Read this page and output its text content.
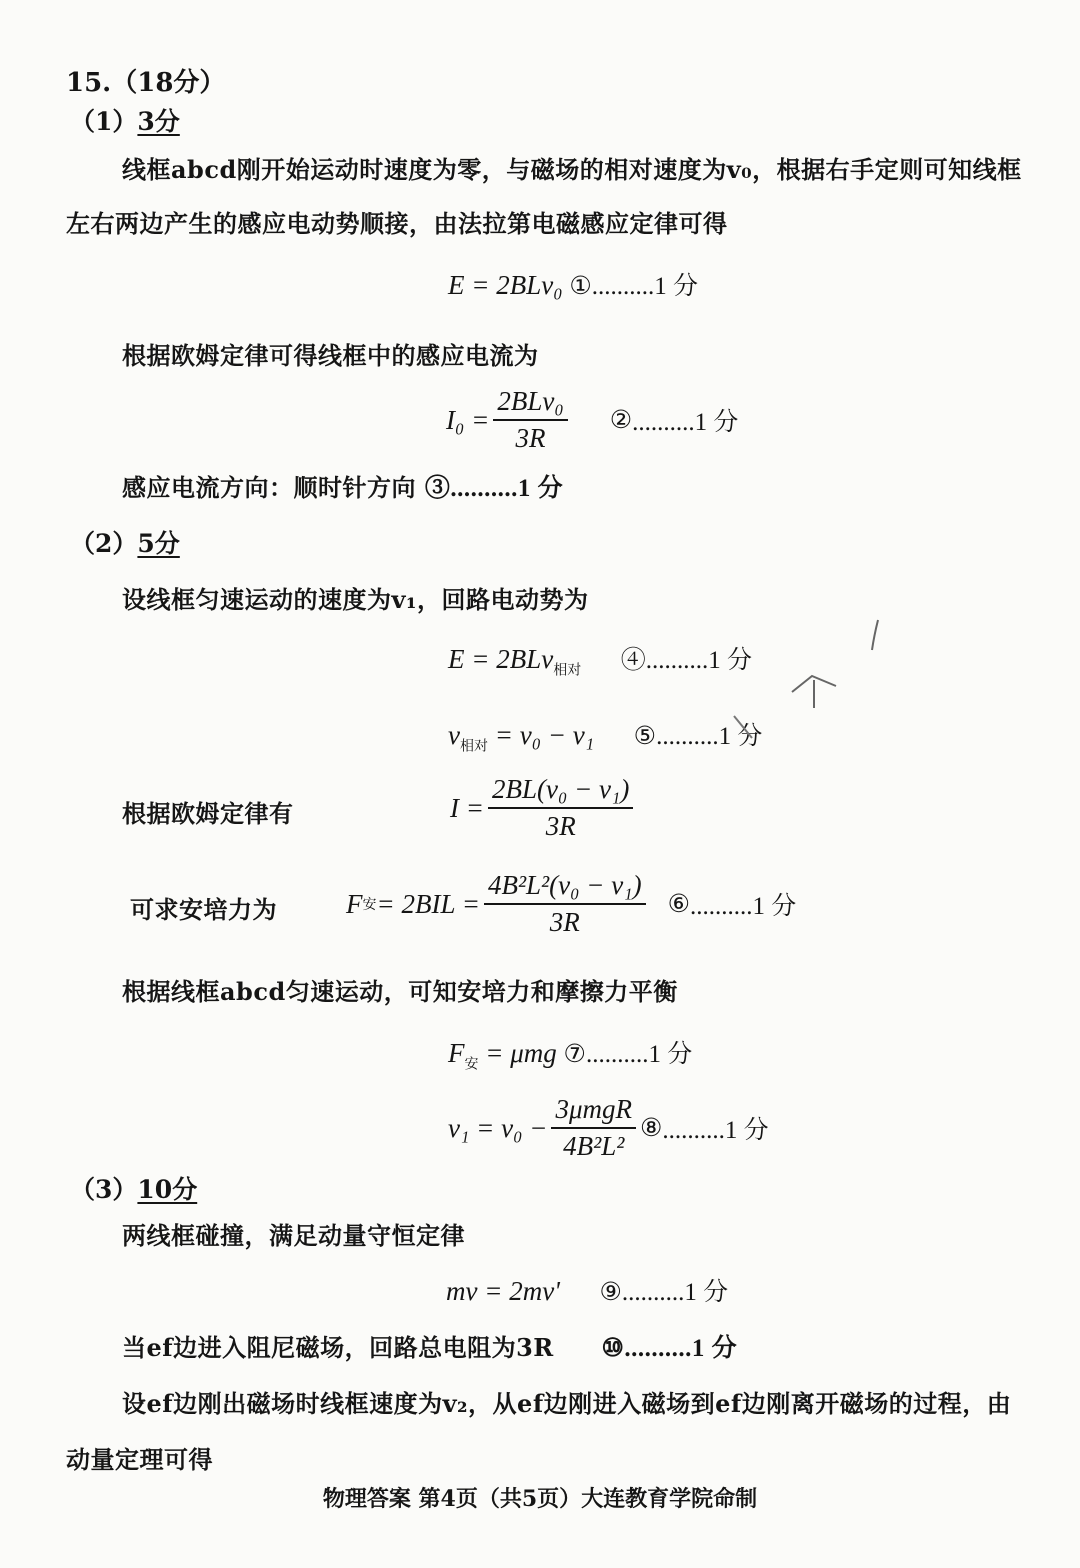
15.（18分）
（1）3分
线框abcd刚开始运动时速度为零，与磁场的相对速度为v₀，根据右手定则可知线框
左右两边产生的感应电动势顺接，由法拉第电磁感应定律可得
E = 2BLv₀ ①..........1 分
根据欧姆定律可得线框中的感应电流为
$I_0 = \frac{\text{2BLv₀}}{3R}$ ② ..........1 分
感应电流方向：顺时针方向 ③..........1 分
（2）5分
设线框匀速运动的速度为v₁，回路电动势为
E = 2BLv$_{相对}$ ④..........1 分
$v_{相对} = v_0 - v_1$ ⑤..........1 分
根据欧姆定律有	$I = \frac{\text{2BL(v₀ − v₁)}}{3R}$
可求安培力为	F 安 = $2BIL = \frac{\text{4B²L²(v₀ − v₁)}}{3R}$ ⑥ ..........1 分
根据线框abcd匀速运动，可知安培力和摩擦力平衡
$F_安 = \mu mg$ ⑦..........1 分
$v_1 = v_0 - \frac{\text{3μmgR}}{\text{4B²L²}}$ ⑧ ..........1 分
（3）10分
两线框碰撞，满足动量守恒定律
mv = 2mv' ⑨..........1 分
当ef边进入阻尼磁场，回路总电阻为3R ⑩..........1 分
设ef边刚出磁场时线框速度为v₂，从ef边刚进入磁场到ef边刚离开磁场的过程，由
动量定理可得
物理答案 第4页（共5页）大连教育学院命制
